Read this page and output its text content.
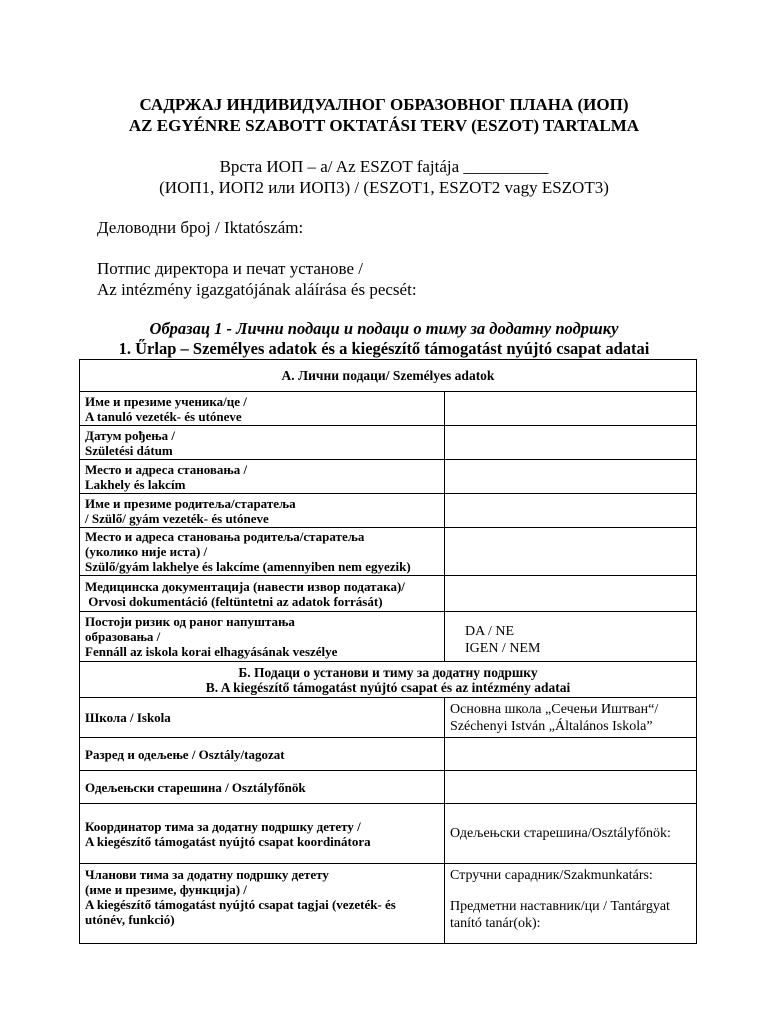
САДРЖАЈ ИНДИВИДУАЛНОГ ОБРАЗОВНОГ ПЛАНА (ИОП)
AZ EGYÉNRE SZABOTT OKTATÁSI TERV (ESZOT) TARTALMA
Врста ИОП – a/ Az ESZOT fajtája __________
(ИОП1, ИОП2 или ИОП3) / (ESZOT1, ESZOT2 vagy ESZOT3)
Деловодни број / Iktatószám:
Потпис директора и печат установе /
Az intézmény igazgatójának aláírása és pecsét:
Образац 1 - Лични подаци и подаци о тиму за додатну подршку
1. Űrlap – Személyes adatok és a kiegészítő támogatást nyújtó csapat adatai
A. Лични подаци/ Személyes adatok	

Име и презиме ученика/це /
A tanuló vezeték- és utóneve	

Датум рођења /
Születési dátum	

Место и адреса становања /
Lakhely és lakcím	

Име и презиме родитеља/старатеља
/ Szülő/ gyám vezeték- és utóneve	

Место и адреса становања родитеља/старатеља
(уколико није иста) /
Szülő/gyám lakhelye és lakcíme (amennyiben nem egyezik)	

Медицинска документација (навести извор података)/
Orvosi dokumentáció (feltüntetni az adatok forrását)	

Постоји ризик од раног напуштања
образовања /
Fennáll az iskola korai elhagyásának veszélye	DA / NE
IGEN / NEM

Б. Подаци о установи и тиму за додатну подршку
B. A kiegészítő támogatást nyújtó csapat és az intézmény adatai	

Школа / Iskola	Основна школа „Сечењи Иштван“/
Széchenyi István „Általános Iskola”

Разред и одељење / Osztály/tagozat	

Одељењски старешина / Osztályfőnök	

Координатор тима за додатну подршку детету /
A kiegészítő támogatást nyújtó csapat koordinátora	Одељењски старешина/Osztályfőnök:

Чланови тима за додатну подршку детету
(име и презиме, функција) /
A kiegészítő támogatást nyújtó csapat tagjai (vezeték- és
utónév, funkció)	Стручни сарадник/Szakmunkatárs:
Предметни наставник/ци / Tantárgyat
tanító tanár(ok):
